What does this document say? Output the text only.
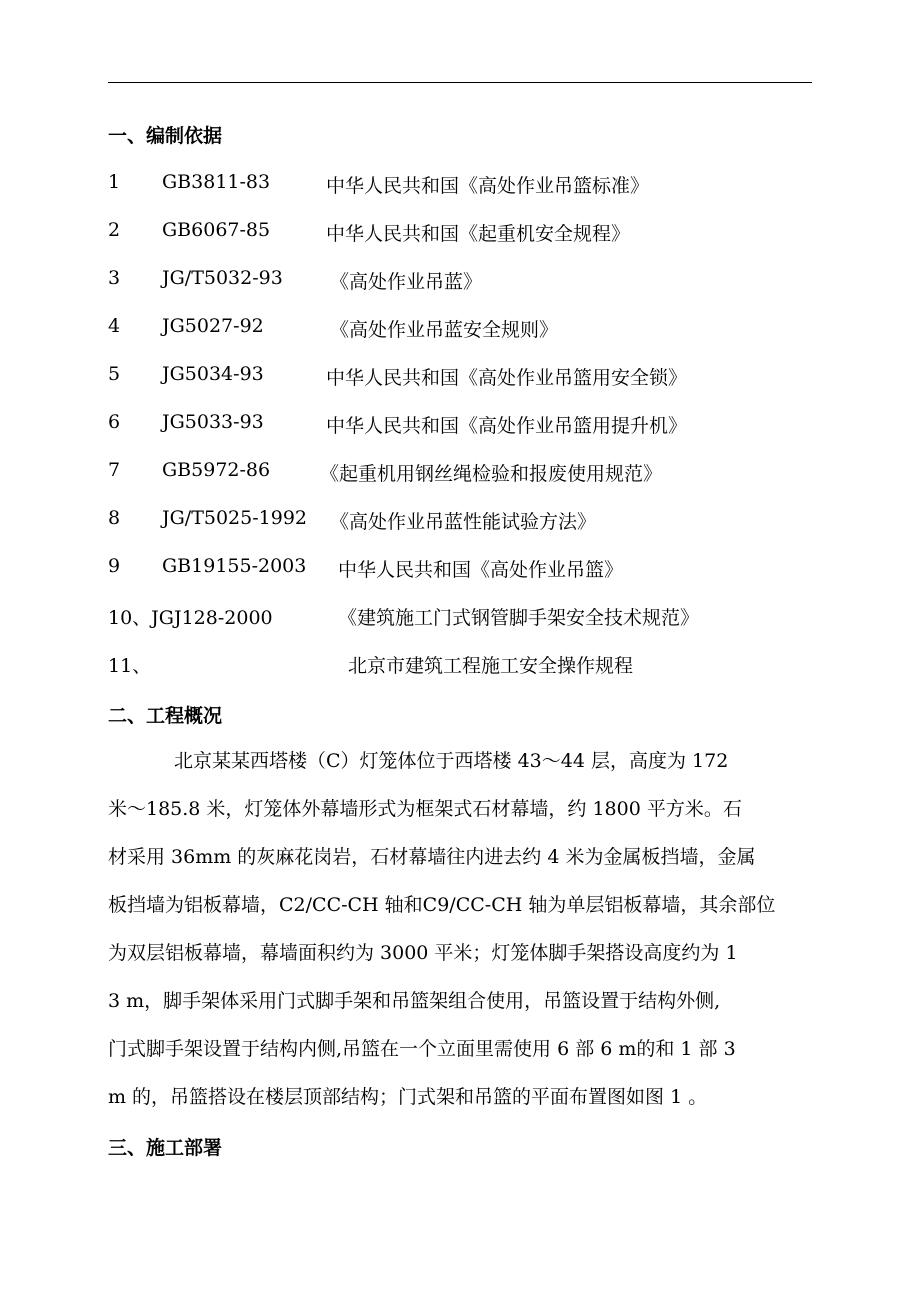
一、编制依据
1 GB3811-83	中华人民共和国《高处作业吊篮标准》
2 GB6067-85	中华人民共和国《起重机安全规程》
3 JG/T5032-93 《高处作业吊蓝》
4 JG5027-92	《高处作业吊蓝安全规则》
5 JG5034-93	中华人民共和国《高处作业吊篮用安全锁》
6 JG5033-93	中华人民共和国《高处作业吊篮用提升机》
7 GB5972-86	《起重机用钢丝绳检验和报废使用规范》
8 JG/T5025-1992 《高处作业吊蓝性能试验方法》
9 GB19155-2003 中华人民共和国《高处作业吊篮》
10、JGJ128-2000	《建筑施工门式钢管脚手架安全技术规范》
11、	北京市建筑工程施工安全操作规程
二、工程概况
北京某某西塔楼（C）灯笼体位于西塔楼 43～44 层，高度为 172
米～185.8 米，灯笼体外幕墙形式为框架式石材幕墙，约 1800 平方米。石
材采用 36mm 的灰麻花岗岩，石材幕墙往内进去约 4 米为金属板挡墙，金属
板挡墙为铝板幕墙，C2/CC-CH 轴和C9/CC-CH 轴为单层铝板幕墙，其余部位
为双层铝板幕墙，幕墙面积约为 3000 平米；灯笼体脚手架搭设高度约为 1
3 m，脚手架体采用门式脚手架和吊篮架组合使用，吊篮设置于结构外侧,
门式脚手架设置于结构内侧,吊篮在一个立面里需使用 6 部 6 m的和 1 部 3
m 的，吊篮搭设在楼层顶部结构；门式架和吊篮的平面布置图如图 1 。
三、施工部署
